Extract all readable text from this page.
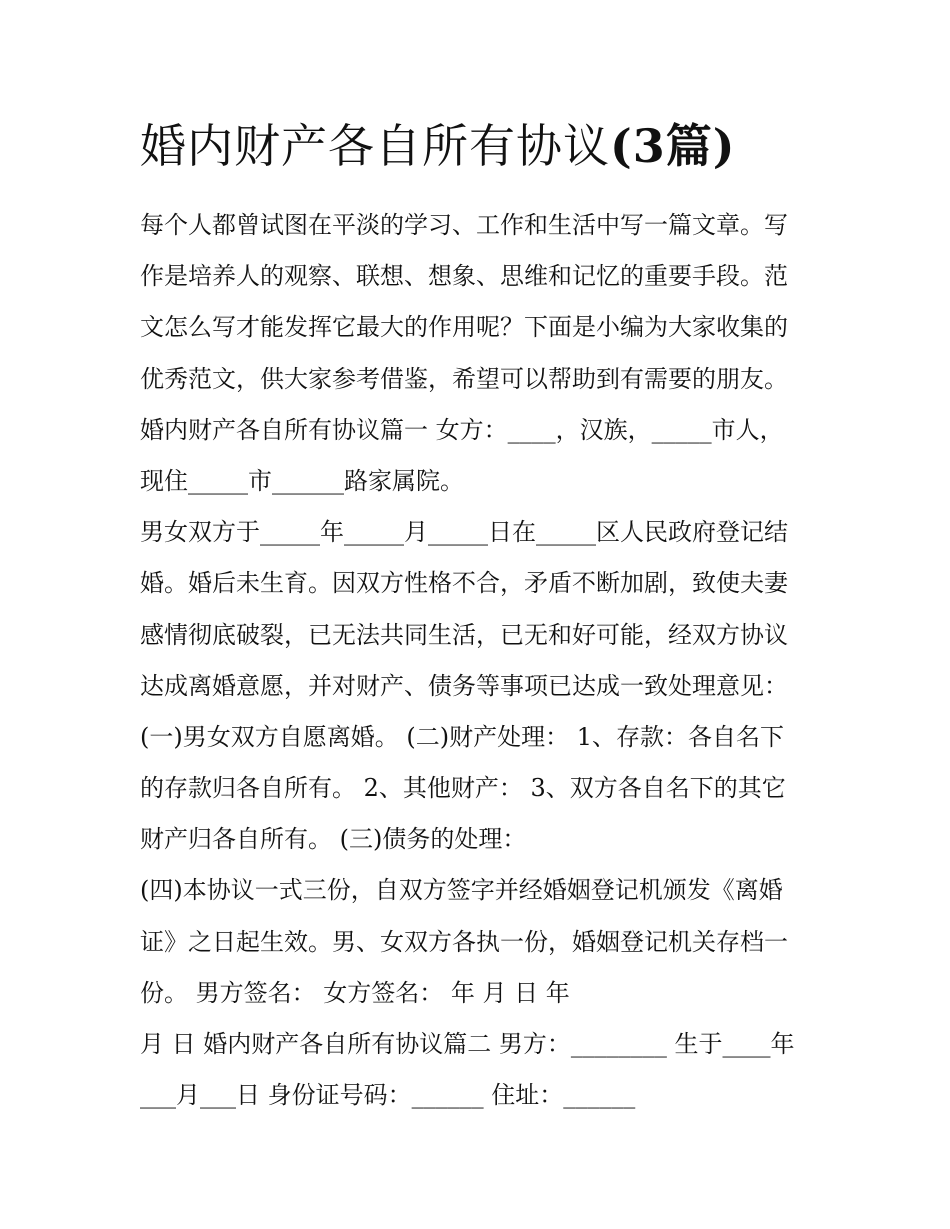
婚内财产各自所有协议(3篇)
每个人都曾试图在平淡的学习、工作和生活中写一篇文章。写
作是培养人的观察、联想、想象、思维和记忆的重要手段。范
文怎么写才能发挥它最大的作用呢？下面是小编为大家收集的
优秀范文，供大家参考借鉴，希望可以帮助到有需要的朋友。
婚内财产各自所有协议篇一 女方：____，汉族，_____市人，
现住_____市______路家属院。
男女双方于_____年_____月_____日在_____区人民政府登记结
婚。婚后未生育。因双方性格不合，矛盾不断加剧，致使夫妻
感情彻底破裂，已无法共同生活，已无和好可能，经双方协议
达成离婚意愿，并对财产、债务等事项已达成一致处理意见：
(一)男女双方自愿离婚。 (二)财产处理： 1、存款：各自名下
的存款归各自所有。 2、其他财产： 3、双方各自名下的其它
财产归各自所有。 (三)债务的处理：
(四)本协议一式三份，自双方签字并经婚姻登记机颁发《离婚
证》之日起生效。男、女双方各执一份，婚姻登记机关存档一
份。 男方签名： 女方签名： 年 月 日 年
月 日 婚内财产各自所有协议篇二 男方：________ 生于____年
___月___日 身份证号码：______ 住址：______
